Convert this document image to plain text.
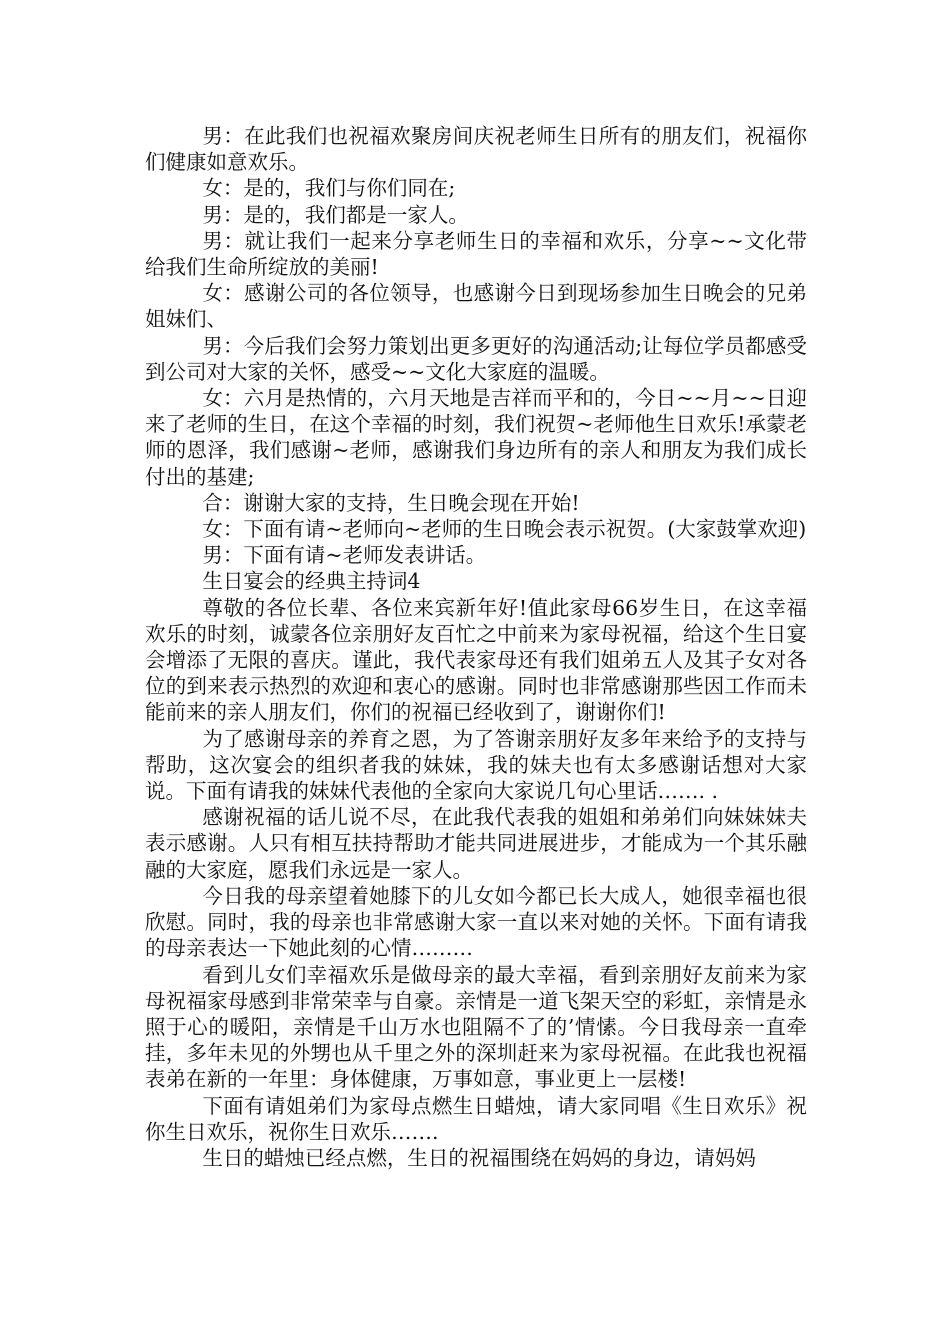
男：在此我们也祝福欢聚房间庆祝老师生日所有的朋友们，祝福你们健康如意欢乐。

女：是的，我们与你们同在;

男：是的，我们都是一家人。

男：就让我们一起来分享老师生日的幸福和欢乐，分享~~文化带给我们生命所绽放的美丽!

女：感谢公司的各位领导，也感谢今日到现场参加生日晚会的兄弟姐妹们、

男：今后我们会努力策划出更多更好的沟通活动;让每位学员都感受到公司对大家的关怀，感受~~文化大家庭的温暖。

女：六月是热情的，六月天地是吉祥而平和的，今日~~月~~日迎来了老师的生日，在这个幸福的时刻，我们祝贺~老师他生日欢乐!承蒙老师的恩泽，我们感谢~老师，感谢我们身边所有的亲人和朋友为我们成长付出的基建;

合：谢谢大家的支持，生日晚会现在开始!

女：下面有请~老师向~老师的生日晚会表示祝贺。(大家鼓掌欢迎)

男：下面有请~老师发表讲话。

生日宴会的经典主持词4

尊敬的各位长辈、各位来宾新年好!值此家母66岁生日，在这幸福欢乐的时刻，诚蒙各位亲朋好友百忙之中前来为家母祝福，给这个生日宴会增添了无限的喜庆。谨此，我代表家母还有我们姐弟五人及其子女对各位的到来表示热烈的欢迎和衷心的感谢。同时也非常感谢那些因工作而未能前来的亲人朋友们，你们的祝福已经收到了，谢谢你们!

为了感谢母亲的养育之恩，为了答谢亲朋好友多年来给予的支持与帮助，这次宴会的组织者我的妹妹，我的妹夫也有太多感谢话想对大家说。下面有请我的妹妹代表他的全家向大家说几句心里话……. .

感谢祝福的话儿说不尽，在此我代表我的姐姐和弟弟们向妹妹妹夫表示感谢。人只有相互扶持帮助才能共同进展进步，才能成为一个其乐融融的大家庭，愿我们永远是一家人。

今日我的母亲望着她膝下的儿女如今都已长大成人，她很幸福也很欣慰。同时，我的母亲也非常感谢大家一直以来对她的关怀。下面有请我的母亲表达一下她此刻的心情………

看到儿女们幸福欢乐是做母亲的最大幸福，看到亲朋好友前来为家母祝福家母感到非常荣幸与自豪。亲情是一道飞架天空的彩虹，亲情是永照于心的暖阳，亲情是千山万水也阻隔不了的’情愫。今日我母亲一直牵挂，多年未见的外甥也从千里之外的深圳赶来为家母祝福。在此我也祝福表弟在新的一年里：身体健康，万事如意，事业更上一层楼!

下面有请姐弟们为家母点燃生日蜡烛，请大家同唱《生日欢乐》祝你生日欢乐，祝你生日欢乐…….

生日的蜡烛已经点燃，生日的祝福围绕在妈妈的身边，请妈妈
